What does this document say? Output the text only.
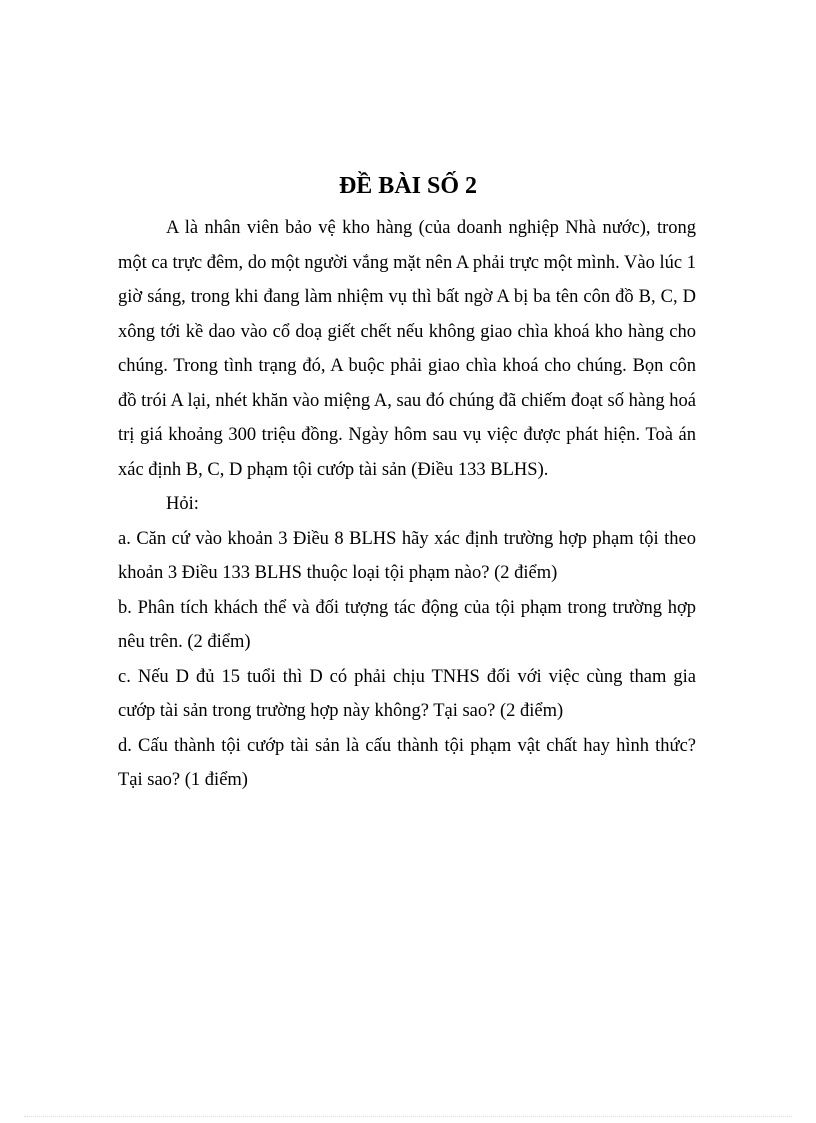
ĐỀ BÀI SỐ 2

A là nhân viên bảo vệ kho hàng (của doanh nghiệp Nhà nước), trong một ca trực đêm, do một người vắng mặt nên A phải trực một mình. Vào lúc 1 giờ sáng, trong khi đang làm nhiệm vụ thì bất ngờ A bị ba tên côn đồ B, C, D xông tới kề dao vào cổ doạ giết chết nếu không giao chìa khoá kho hàng cho chúng. Trong tình trạng đó, A buộc phải giao chìa khoá cho chúng. Bọn côn đồ trói A lại, nhét khăn vào miệng A, sau đó chúng đã chiếm đoạt số hàng hoá trị giá khoảng 300 triệu đồng. Ngày hôm sau vụ việc được phát hiện. Toà án xác định B, C, D phạm tội cướp tài sản (Điều 133 BLHS).

Hỏi:

a. Căn cứ vào khoản 3 Điều 8 BLHS hãy xác định trường hợp phạm tội theo khoản 3 Điều 133 BLHS thuộc loại tội phạm nào? (2 điểm)

b. Phân tích khách thể và đối tượng tác động của tội phạm trong trường hợp nêu trên. (2 điểm)

c. Nếu D đủ 15 tuổi thì D có phải chịu TNHS đối với việc cùng tham gia cướp tài sản trong trường hợp này không? Tại sao? (2 điểm)

d. Cấu thành tội cướp tài sản là cấu thành tội phạm vật chất hay hình thức? Tại sao? (1 điểm)
